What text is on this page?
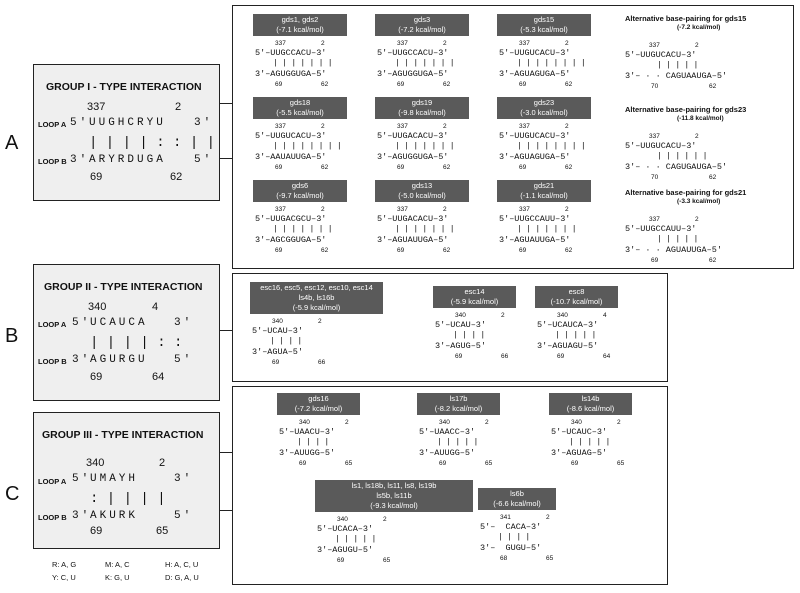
A
GROUP I - TYPE INTERACTION
337	2
LOOP A 5′ UUGHCRYU	3′
| | | | : : | |
LOOP B 3′ ARYRDUGA	5′
69	62
B
GROUP II - TYPE INTERACTION
340	4
LOOP A 5′
UCAUCA 3′
| | | | : :
LOOP B 3′
AGURGU 5′
69	64
C
GROUP III - TYPE INTERACTION
340	2
LOOP A 5′
UMAYH	3′
: | | | |
LOOP B 3′
AKURK	5′
69	65
R: A, G	M: A, C	H: A, C, U
Y: C, U	K: G, U	D: G, A, U
gds1, gds2
(-7.1 kcal/mol)
337	2
5′–UUGCCACU–3′
|||||||
3′–AGUGGUGA–5′
69	62
gds3
(-7.2 kcal/mol)
337	2
5′–UUGCCACU–3′
|||||||
3′–AGUGGUGA–5′
69	62
gds15
(-5.3 kcal/mol)
337	2
5′–UUGUCACU–3′
||||||||
3′–AGUAGUGA–5′
69	62
gds18
(-5.5 kcal/mol)
337	2
5′–UUGUCACU–3′
||||||||
3′–AAUAUUGA–5′
69	62
gds19
(-9.8 kcal/mol)
337	2
5′–UUGACACU–3′
|||||||
3′–AGUGGUGA–5′
69	62
gds23
(-3.0 kcal/mol)
337	2
5′–UUGUCACU–3′
||||||||
3′–AGUAGUGA–5′
69	62
gds6
(-9.7 kcal/mol)
337	2
5′–UUGACGCU–3′
|||||||
3′–AGCGGUGA–5′
69	62
gds13
(-5.0 kcal/mol)
337	2
5′–UUGACACU–3′
|||||||
3′–AGUAUUGA–5′
69	62
gds21
(-1.1 kcal/mol)
337	2
5′–UUGCCAUU–3′
|||||||
3′–AGUAUUGA–5′
69	62
Alternative base-pairing for gds15
(-7.2 kcal/mol)
337	2
5′–UUGUCACU–3′
|||||
3′– · · CAGUAAUGA–5′
70	62
Alternative base-pairing for gds23
(-11.8 kcal/mol)
337	2
5′–UUGUCACU–3′
||||||
3′– · · CAGUGAUGA–5′
70	62
Alternative base-pairing for gds21
(-3.3 kcal/mol)
337	2
5′–UUGCCAUU–3′
|||||
3′– · · AGUAUUGA–5′
69	62
esc16, esc5, esc12, esc10, esc14
ls4b, ls16b
(-5.9 kcal/mol)
340	2
5′–UCAU–3′
||||
3′–AGUA–5′
69	66
esc14
(-5.9 kcal/mol)
340	2
5′–UCAU–3′
||||
3′–AGUG–5′
69	66
esc8
(-10.7 kcal/mol)
340	4
5′–UCAUCA–3′
|||||
3′–AGUAGU–5′
69	64
gds16
(-7.2 kcal/mol)
340	2
5′–UAACU–3′
||||
3′–AUUGG–5′
69	65
ls17b
(-8.2 kcal/mol)
340	2
5′–UAACC–3′
|||||
3′–AUUGG–5′
69	65
ls14b
(-8.6 kcal/mol)
340	2
5′–UCAUC–3′
|||||
3′–AGUAG–5′
69	65
ls1, ls18b, ls11, ls8, ls19b
ls5b, ls11b
(-9.3 kcal/mol)
340	2
5′–UCACA–3′
|||||
3′–AGUGU–5′
69	65
ls6b
(-6.6 kcal/mol)
341	2
5′–  CACA–3′
||||
3′–  GUGU–5′
68	65
